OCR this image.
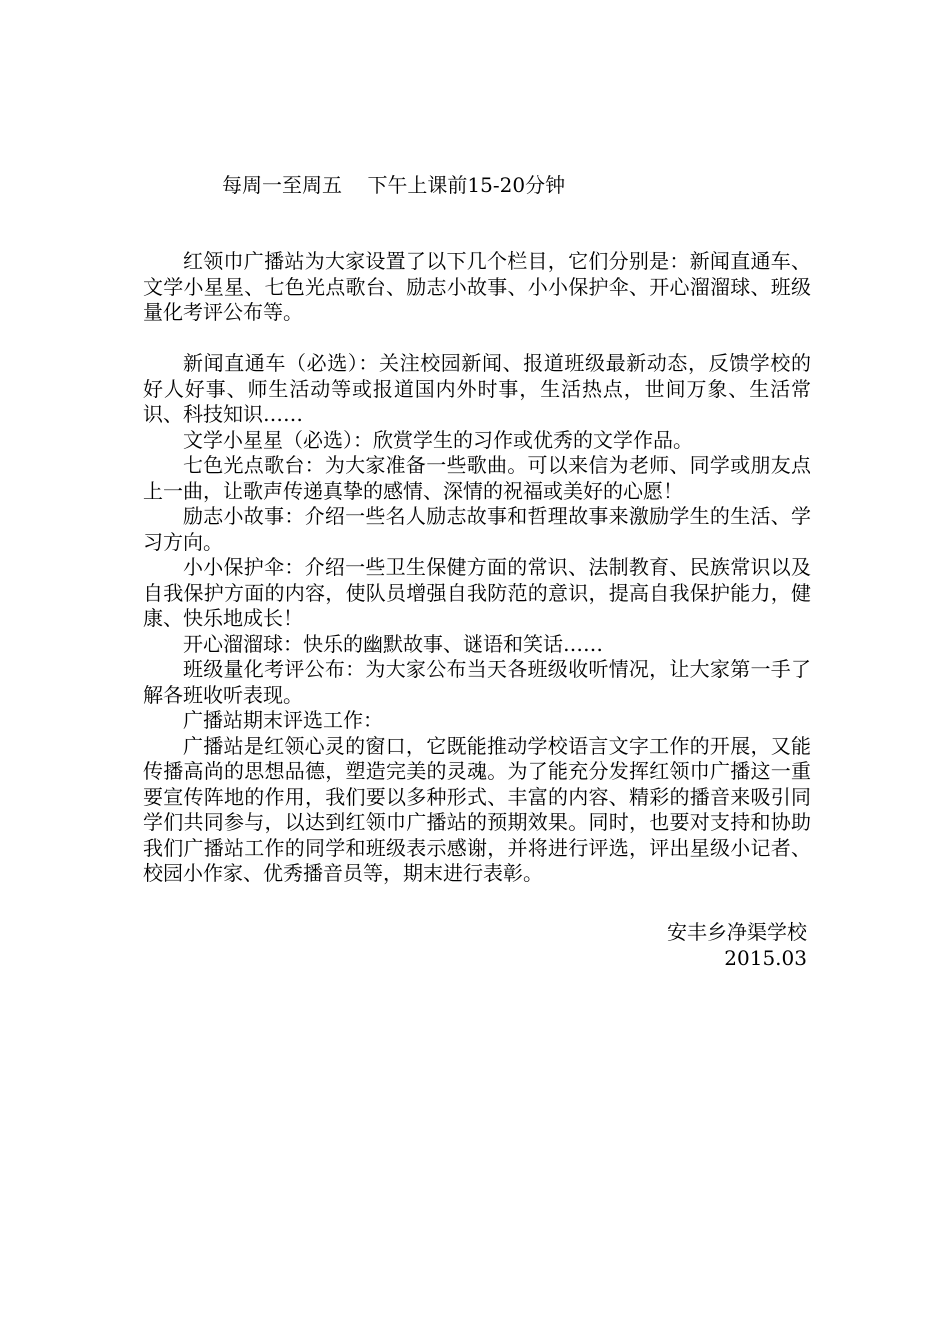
每周一至周五 下午上课前15-20分钟

红领巾广播站为大家设置了以下几个栏目，它们分别是：新闻直通车、文学小星星、七色光点歌台、励志小故事、小小保护伞、开心溜溜球、班级量化考评公布等。

新闻直通车（必选）：关注校园新闻、报道班级最新动态，反馈学校的好人好事、师生活动等或报道国内外时事，生活热点，世间万象、生活常识、科技知识……

文学小星星（必选）：欣赏学生的习作或优秀的文学作品。

七色光点歌台：为大家准备一些歌曲。可以来信为老师、同学或朋友点上一曲，让歌声传递真挚的感情、深情的祝福或美好的心愿！

励志小故事：介绍一些名人励志故事和哲理故事来激励学生的生活、学习方向。

小小保护伞：介绍一些卫生保健方面的常识、法制教育、民族常识以及自我保护方面的内容，使队员增强自我防范的意识，提高自我保护能力，健康、快乐地成长！

开心溜溜球：快乐的幽默故事、谜语和笑话……

班级量化考评公布：为大家公布当天各班级收听情况，让大家第一手了解各班收听表现。

广播站期末评选工作：

广播站是红领心灵的窗口，它既能推动学校语言文字工作的开展，又能传播高尚的思想品德，塑造完美的灵魂。为了能充分发挥红领巾广播这一重要宣传阵地的作用，我们要以多种形式、丰富的内容、精彩的播音来吸引同学们共同参与，以达到红领巾广播站的预期效果。同时，也要对支持和协助我们广播站工作的同学和班级表示感谢，并将进行评选，评出星级小记者、校园小作家、优秀播音员等，期末进行表彰。

安丰乡净渠学校
2015.03
